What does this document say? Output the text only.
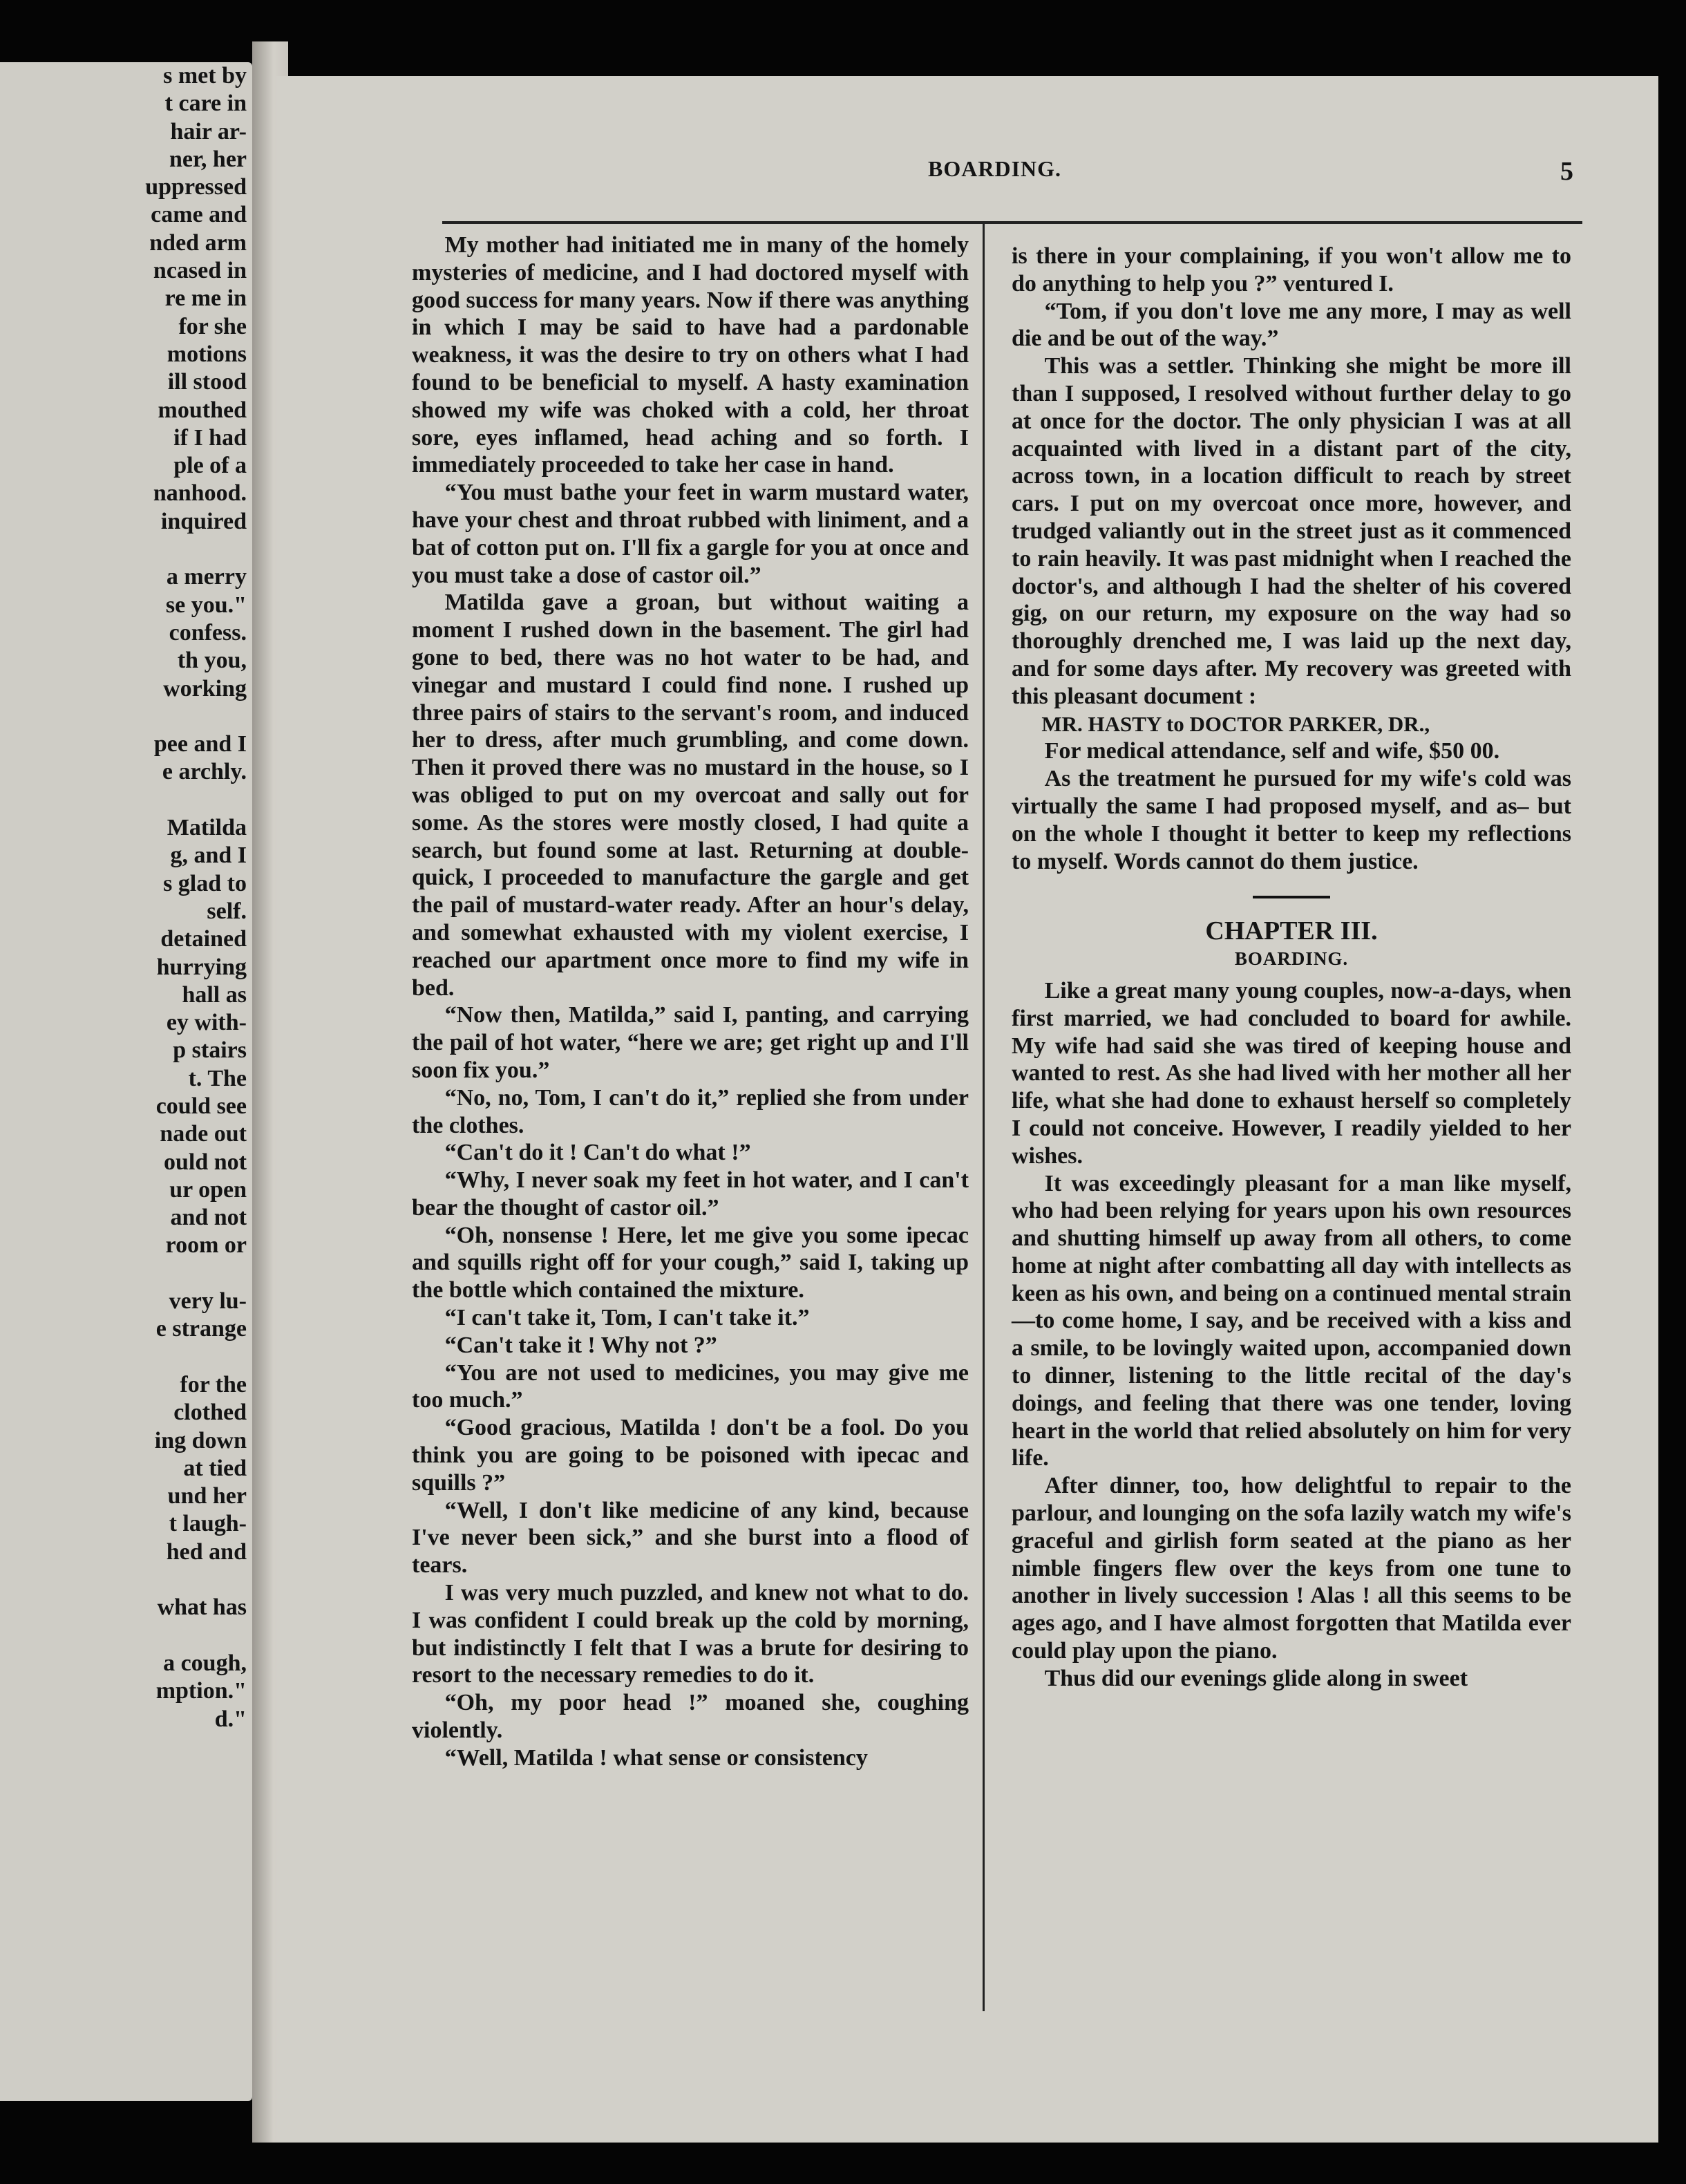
s met by
t care in
hair ar-
ner, her
uppressed
came and
nded arm
ncased in
re me in
for she
motions
ill stood
mouthed
if I had
ple of a
nanhood.
inquired

a merry
se you."
confess.
th you,
working

pee and I
e archly.

Matilda
g, and I
s glad to
self.
detained
hurrying
hall as
ey with-
p stairs
t. The
could see
nade out
ould not
ur open
and not
room or

very lu-
e strange

for the
clothed
ing down
at tied
und her
t laugh-
hed and

what has

a cough,
mption."
d."
BOARDING.	5

My mother had initiated me in many of the homely mysteries of medicine, and I had doctored myself with good success for many years. Now if there was anything in which I may be said to have had a pardonable weakness, it was the desire to try on others what I had found to be beneficial to myself. A hasty examination showed my wife was choked with a cold, her throat sore, eyes inflamed, head aching and so forth. I immediately proceeded to take her case in hand.

“You must bathe your feet in warm mustard water, have your chest and throat rubbed with liniment, and a bat of cotton put on. I'll fix a gargle for you at once and you must take a dose of castor oil.”

Matilda gave a groan, but without waiting a moment I rushed down in the basement. The girl had gone to bed, there was no hot water to be had, and vinegar and mustard I could find none. I rushed up three pairs of stairs to the servant's room, and induced her to dress, after much grumbling, and come down. Then it proved there was no mustard in the house, so I was obliged to put on my overcoat and sally out for some. As the stores were mostly closed, I had quite a search, but found some at last. Returning at double-quick, I proceeded to manufacture the gargle and get the pail of mustard-water ready. After an hour's delay, and somewhat exhausted with my violent exercise, I reached our apartment once more to find my wife in bed.

“Now then, Matilda,” said I, panting, and carrying the pail of hot water, “here we are; get right up and I'll soon fix you.”

“No, no, Tom, I can't do it,” replied she from under the clothes.

“Can't do it ! Can't do what !”

“Why, I never soak my feet in hot water, and I can't bear the thought of castor oil.”

“Oh, nonsense ! Here, let me give you some ipecac and squills right off for your cough,” said I, taking up the bottle which contained the mixture.

“I can't take it, Tom, I can't take it.”

“Can't take it ! Why not ?”

“You are not used to medicines, you may give me too much.”

“Good gracious, Matilda ! don't be a fool. Do you think you are going to be poisoned with ipecac and squills ?”

“Well, I don't like medicine of any kind, because I've never been sick,” and she burst into a flood of tears.

I was very much puzzled, and knew not what to do. I was confident I could break up the cold by morning, but indistinctly I felt that I was a brute for desiring to resort to the necessary remedies to do it.

“Oh, my poor head !” moaned she, coughing violently.

“Well, Matilda ! what sense or consistency

is there in your complaining, if you won't allow me to do anything to help you ?” ventured I.

“Tom, if you don't love me any more, I may as well die and be out of the way.”

This was a settler. Thinking she might be more ill than I supposed, I resolved without further delay to go at once for the doctor. The only physician I was at all acquainted with lived in a distant part of the city, across town, in a location difficult to reach by street cars. I put on my overcoat once more, however, and trudged valiantly out in the street just as it commenced to rain heavily. It was past midnight when I reached the doctor's, and although I had the shelter of his covered gig, on our return, my exposure on the way had so thoroughly drenched me, I was laid up the next day, and for some days after. My recovery was greeted with this pleasant document :

MR. HASTY to DOCTOR PARKER, DR.,

For medical attendance, self and wife, $50 00.

As the treatment he pursued for my wife's cold was virtually the same I had proposed myself, and as– but on the whole I thought it better to keep my reflections to myself. Words cannot do them justice.

CHAPTER III.

BOARDING.

Like a great many young couples, now-a-days, when first married, we had concluded to board for awhile. My wife had said she was tired of keeping house and wanted to rest. As she had lived with her mother all her life, what she had done to exhaust herself so completely I could not conceive. However, I readily yielded to her wishes.

It was exceedingly pleasant for a man like myself, who had been relying for years upon his own resources and shutting himself up away from all others, to come home at night after combatting all day with intellects as keen as his own, and being on a continued mental strain—to come home, I say, and be received with a kiss and a smile, to be lovingly waited upon, accompanied down to dinner, listening to the little recital of the day's doings, and feeling that there was one tender, loving heart in the world that relied absolutely on him for very life.

After dinner, too, how delightful to repair to the parlour, and lounging on the sofa lazily watch my wife's graceful and girlish form seated at the piano as her nimble fingers flew over the keys from one tune to another in lively succession ! Alas ! all this seems to be ages ago, and I have almost forgotten that Matilda ever could play upon the piano.

Thus did our evenings glide along in sweet
